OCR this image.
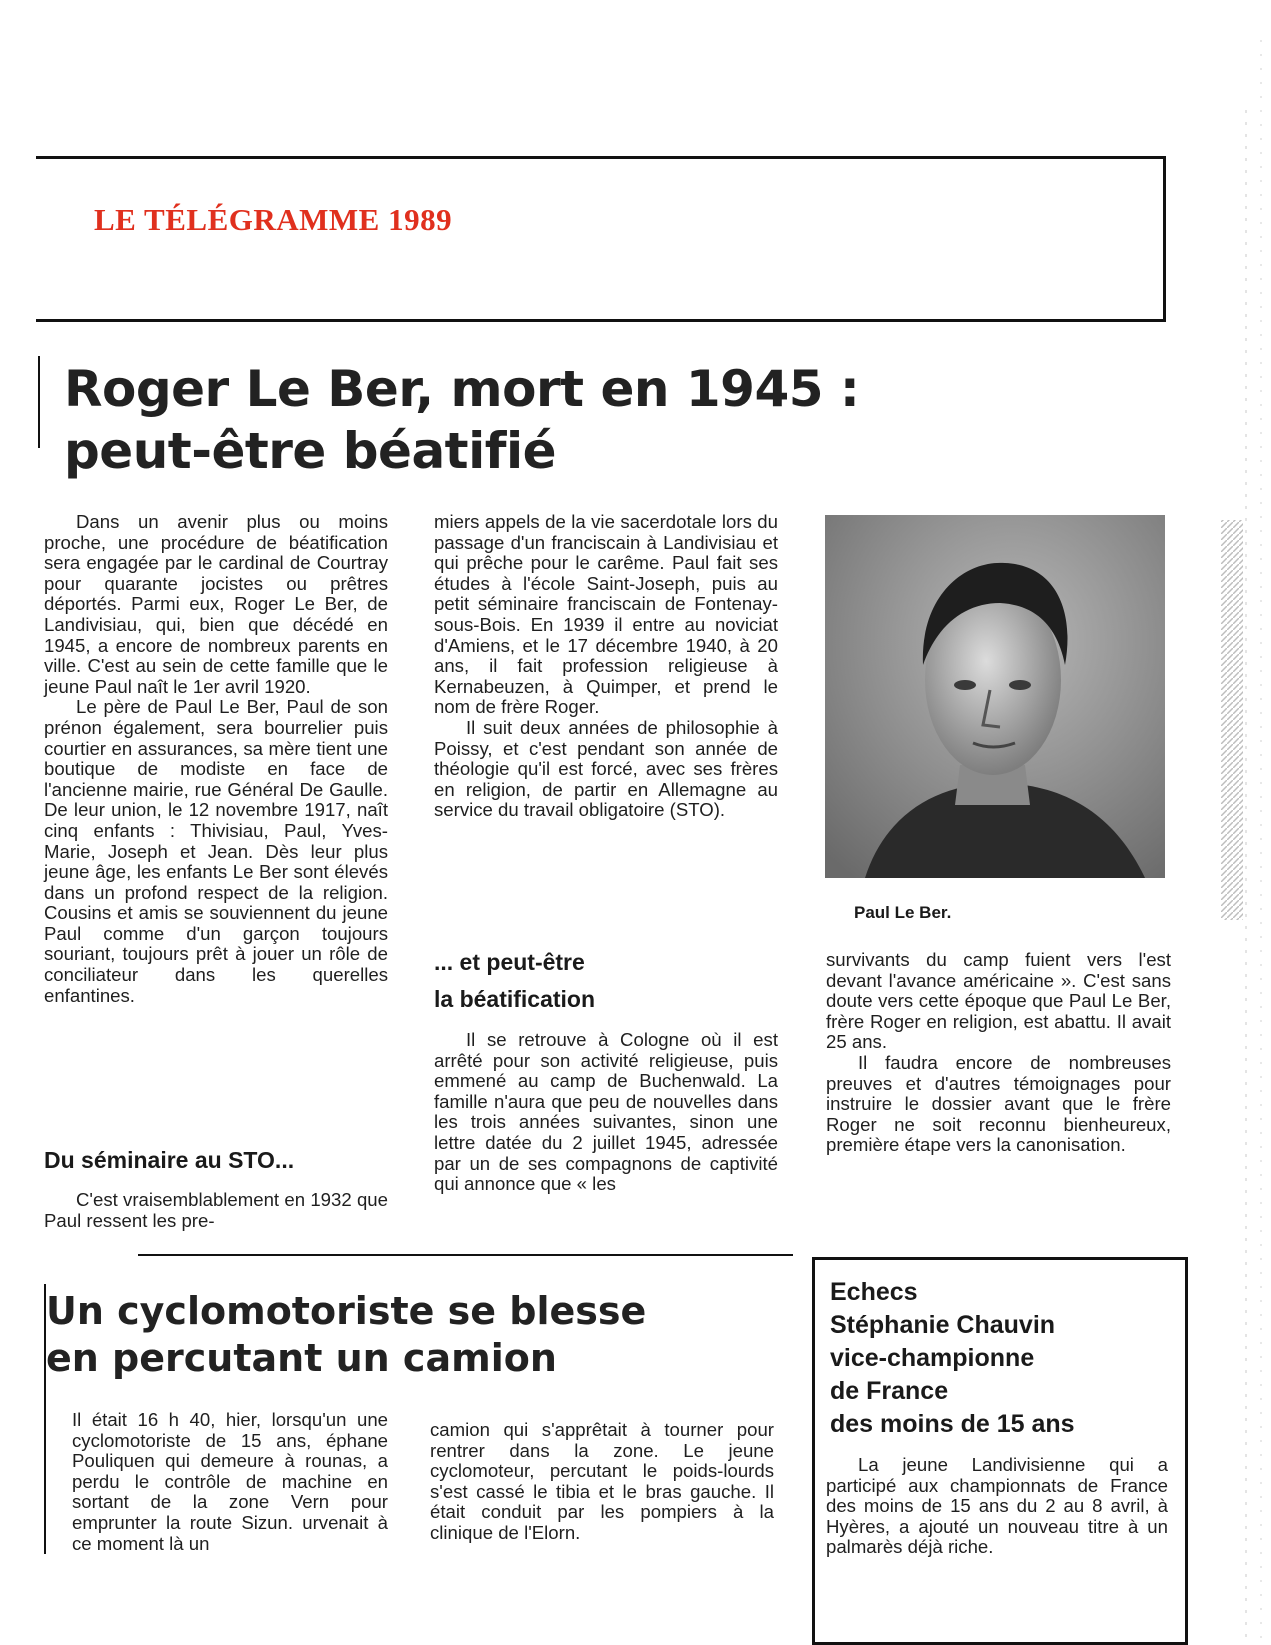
LE TÉLÉGRAMME 1989
Roger Le Ber, mort en 1945 :
peut-être béatifié

Dans un avenir plus ou moins proche, une procédure de béatification sera engagée par le cardinal de Courtray pour quarante jocistes ou prêtres déportés. Parmi eux, Roger Le Ber, de Landivisiau, qui, bien que décédé en 1945, a encore de nombreux parents en ville. C'est au sein de cette famille que le jeune Paul naît le 1er avril 1920.

Le père de Paul Le Ber, Paul de son prénon également, sera bourrelier puis courtier en assurances, sa mère tient une boutique de modiste en face de l'ancienne mairie, rue Général De Gaulle. De leur union, le 12 novembre 1917, naît cinq enfants : Thivisiau, Paul, Yves-Marie, Joseph et Jean. Dès leur plus jeune âge, les enfants Le Ber sont élevés dans un profond respect de la religion. Cousins et amis se souviennent du jeune Paul comme d'un garçon toujours souriant, toujours prêt à jouer un rôle de conciliateur dans les querelles enfantines.

Du séminaire au STO...

C'est vraisemblablement en 1932 que Paul ressent les pre-

miers appels de la vie sacerdotale lors du passage d'un franciscain à Landivisiau et qui prêche pour le carême. Paul fait ses études à l'école Saint-Joseph, puis au petit séminaire franciscain de Fontenay-sous-Bois. En 1939 il entre au noviciat d'Amiens, et le 17 décembre 1940, à 20 ans, il fait profession religieuse à Kernabeuzen, à Quimper, et prend le nom de frère Roger.

Il suit deux années de philosophie à Poissy, et c'est pendant son année de théologie qu'il est forcé, avec ses frères en religion, de partir en Allemagne au service du travail obligatoire (STO).

... et peut-être
la béatification

Il se retrouve à Cologne où il est arrêté pour son activité religieuse, puis emmené au camp de Buchenwald. La famille n'aura que peu de nouvelles dans les trois années suivantes, sinon une lettre datée du 2 juillet 1945, adressée par un de ses compagnons de captivité qui annonce que « les

Paul Le Ber.

survivants du camp fuient vers l'est devant l'avance américaine ». C'est sans doute vers cette époque que Paul Le Ber, frère Roger en religion, est abattu. Il avait 25 ans.

Il faudra encore de nombreuses preuves et d'autres témoignages pour instruire le dossier avant que le frère Roger ne soit reconnu bienheureux, première étape vers la canonisation.

Un cyclomotoriste se blesse
en percutant un camion

Il était 16 h 40, hier, lorsqu'un une cyclomotoriste de 15 ans, éphane Pouliquen qui demeure à rounas, a perdu le contrôle de machine en sortant de la zone Vern pour emprunter la route Sizun. urvenait à ce moment là un

camion qui s'apprêtait à tourner pour rentrer dans la zone. Le jeune cyclomoteur, percutant le poids-lourds s'est cassé le tibia et le bras gauche. Il était conduit par les pompiers à la clinique de l'Elorn.

Echecs
Stéphanie Chauvin
vice-championne
de France
des moins de 15 ans

La jeune Landivisienne qui a participé aux championnats de France des moins de 15 ans du 2 au 8 avril, à Hyères, a ajouté un nouveau titre à un palmarès déjà riche.
